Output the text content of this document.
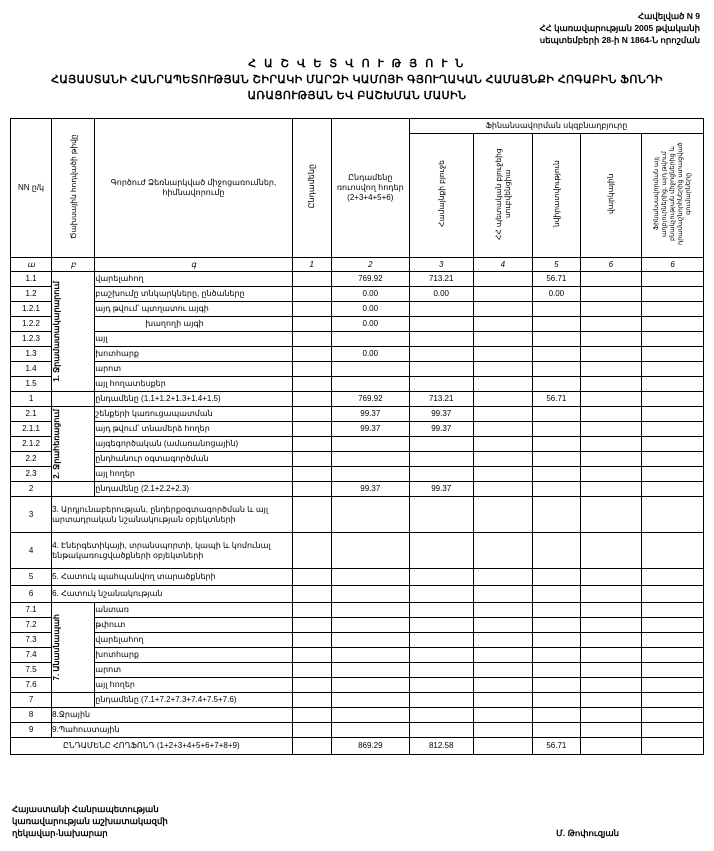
Հավելված N 9
ՀՀ կառավարության 2005 թվականի
սեպտեմբերի 28-ի N 1864-Ն որոշման
Հ Ա Շ Վ Ե Տ Վ Ո Ւ Թ Յ Ո Ւ Ն
ՀԱՅԱՍՏԱՆԻ ՀԱՆՐԱՊԵՏՈՒԹՅԱՆ ՇԻՐԱԿԻ ՄԱՐԶԻ ԿԱՄՈՅԻ ԳՅՈՒՂԱԿԱՆ ՀԱՄԱՅՆՔԻ ՀՈԳԱԲԻՆ ՖՈՆԴԻ
ԱՌԱՑՈՒԹՅԱՆ ԵՎ ԲԱՇԽՄԱՆ ՄԱՍԻՆ
NN ը/կ	Ծախսային հոդվածի թիվը	Գործուժ Ձեռնարկված միջոցառումներ, հիմնավորումը	Ընդամենը	Ընդամենը ռուոսվող հոդեր (2+3+4+5+6)	Ֆինանսավորման սկզբնաղբյուրը				
					Համայնքի բյուջե	ՀՀ պետական բյուջեից սուբվենցիա	նվիրատվություն	վարկային	Ֆինանսավորման այլ աղբյուրներից, այդ թվում բնակչության միջոցներից և դրամաշնորհներից ստացված գումարները
ա	բ	գ	1	2	3	4	5	6	6
1.1	1. Ջրամատակարարում	վարելահող		769.92	713.21		56.71		
1.2		բաշխումը տնկարկները, ընծաները		0.00	0.00		0.00		
1.2.1		այդ թվում՝ պտղատու այգի		0.00					
1.2.2		խաղողի այգի		0.00					
1.2.3		այլ							
1.3		խոտհարք		0.00					
1.4		արոտ							
1.5		այլ հողատեսքեր							
1		ընդամենը (1.1+1.2+1.3+1.4+1.5)		769.92	713.21		56.71		
2.1	2. Ջրահեռացում	շենքերի կառուցապատման		99.37	99.37				
2.1.1		այդ թվում՝ տնամերձ հողեր		99.37	99.37				
2.1.2		այգեգործական (ամառանոցային)							
2.2		ընդհանուր օգտագործման							
2.3		այլ հողեր							
2		ընդամենը (2.1+2.2+2.3)		99.37	99.37				
3	3. Արդյունաբերության, ընդերքօգտագործման և այլ արտադրական նշանակության օբյեկտների								
4	4. Էներգետիկայի, տրանսպորտի, կապի և կոմունալ ենթակառուցվածքների օբյեկտների								
5	5. Հատուկ պահպանվող տարածքների								
6	6. Հատուկ նշանակության								
7.1	7. Անասնապահ	անտառ							
7.2		թփուտ							
7.3		վարելահող							
7.4		խոտհարք							
7.5		արոտ							
7.6		այլ հողեր							
7		ընդամենը (7.1+7.2+7.3+7.4+7.5+7.6)							
8	8.Ջրային								
9	9.Պահուստային								
ԸՆԴԱՄԵՆԸ ՀՈՂՖՈՆԴ (1+2+3+4+5+6+7+8+9)				869.29	812.58		56.71		
Հայաստանի Հանրապետության
կառավարության աշխատակազմի
ղեկավար-նախարար	Մ. Թոփուզյան
